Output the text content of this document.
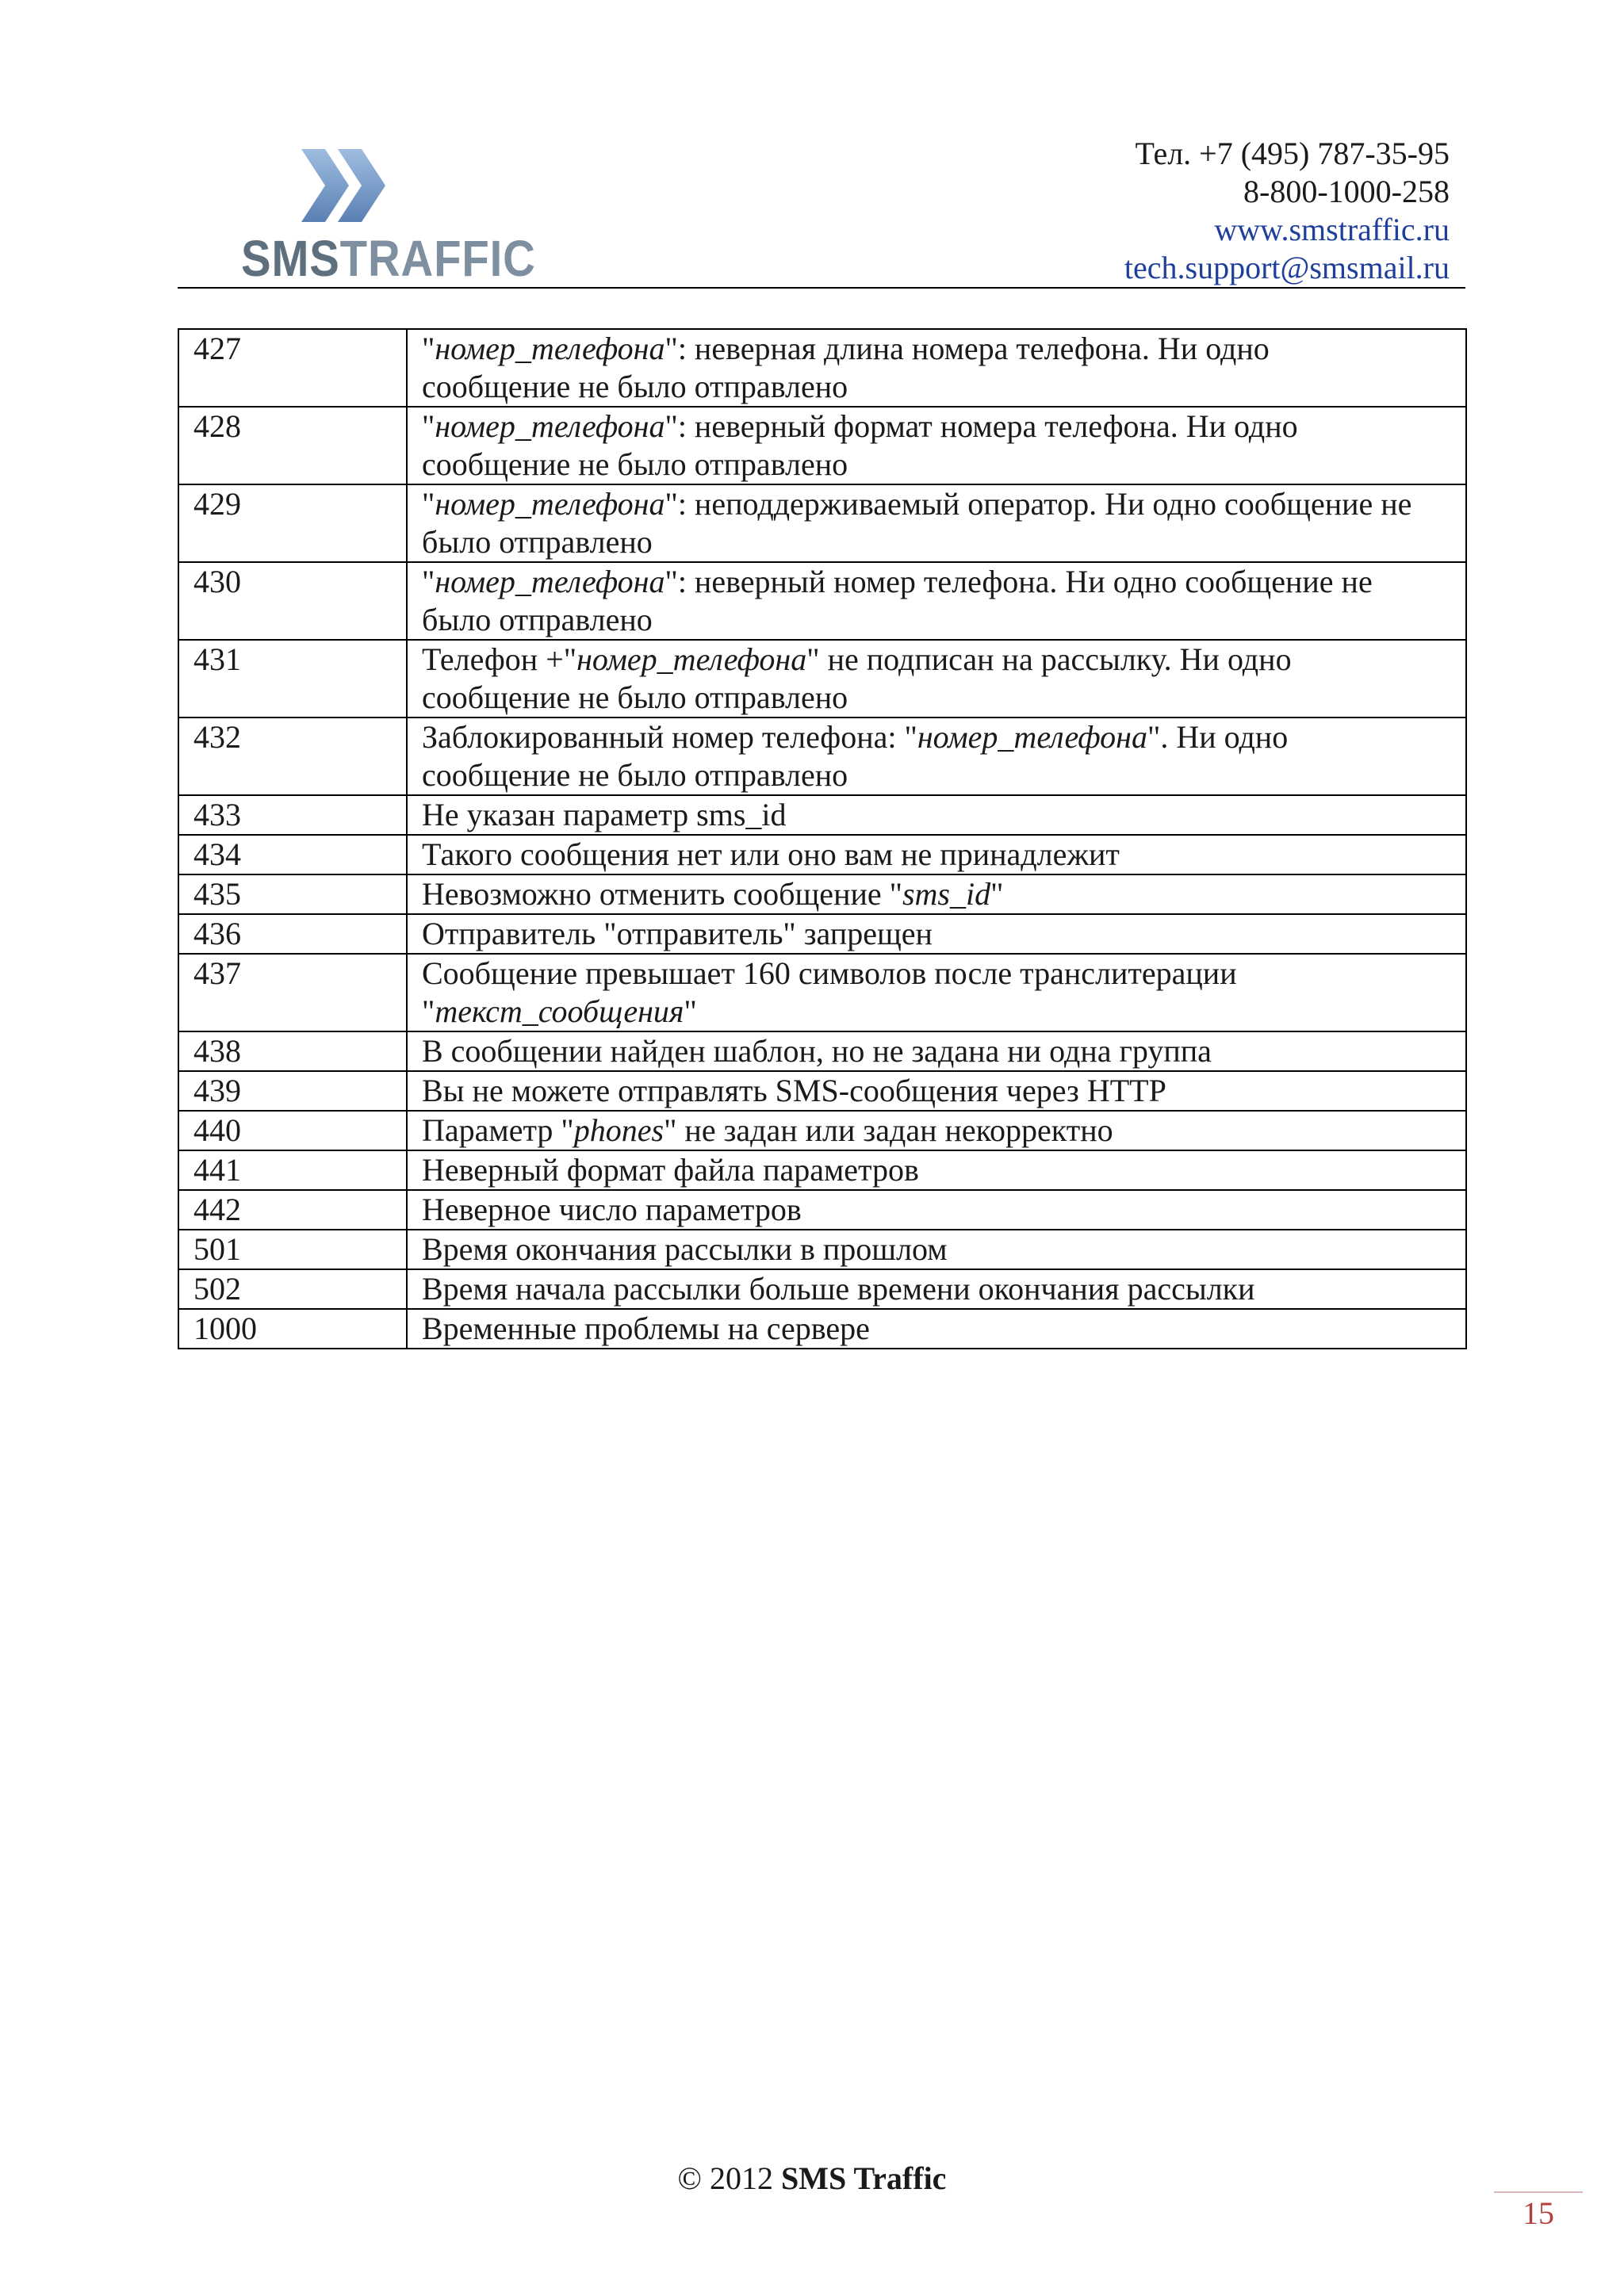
SMSTRAFFIC
Тел. +7 (495) 787-35-95
8-800-1000-258
www.smstraffic.ru
tech.support@smsmail.ru
427	"номер_телефона": неверная длина номера телефона. Ни одно
сообщение не было отправлено
428	"номер_телефона": неверный формат номера телефона. Ни одно
сообщение не было отправлено
429	"номер_телефона": неподдерживаемый оператор. Ни одно сообщение не
было отправлено
430	"номер_телефона": неверный номер телефона. Ни одно сообщение не
было отправлено
431	Телефон +"номер_телефона" не подписан на рассылку. Ни одно
сообщение не было отправлено
432	Заблокированный номер телефона: "номер_телефона". Ни одно
сообщение не было отправлено
433	Не указан параметр sms_id
434	Такого сообщения нет или оно вам не принадлежит
435	Невозможно отменить сообщение "sms_id"
436	Отправитель "отправитель" запрещен
437	Сообщение превышает 160 символов после транслитерации
"текст_сообщения"
438	В сообщении найден шаблон, но не задана ни одна группа
439	Вы не можете отправлять SMS-сообщения через HTTP
440	Параметр "phones" не задан или задан некорректно
441	Неверный формат файла параметров
442	Неверное число параметров
501	Время окончания рассылки в прошлом
502	Время начала рассылки больше времени окончания рассылки
1000	Временные проблемы на сервере
© 2012 SMS Traffic
15
